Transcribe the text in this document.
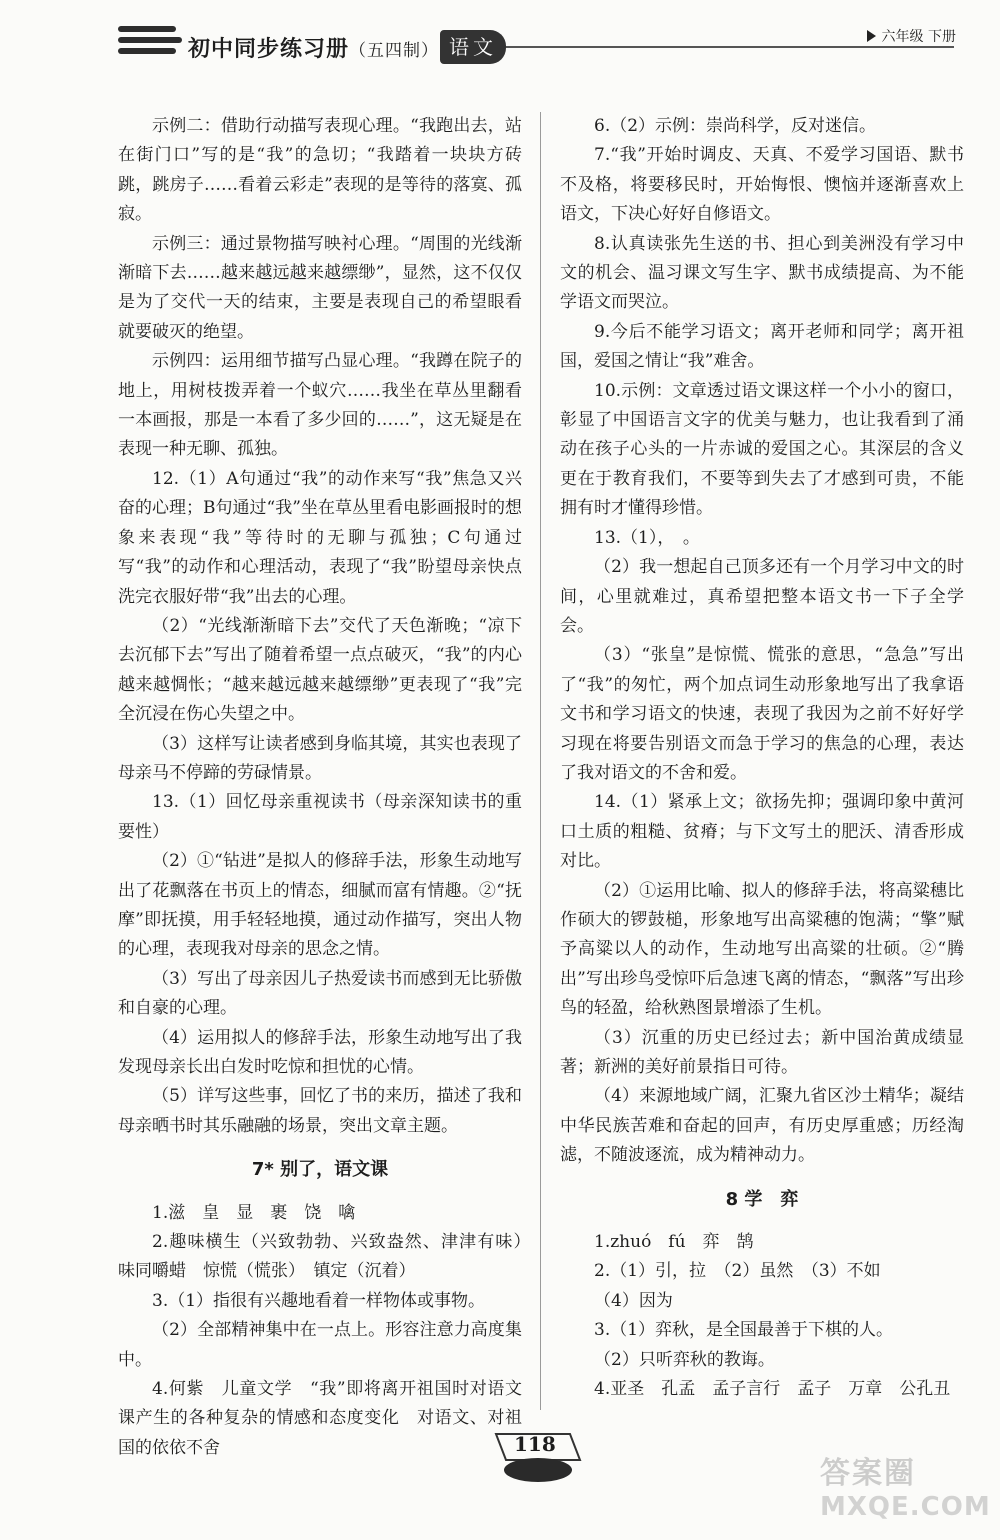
初中同步练习册（五四制） 语文	六年级 下册

示例二：借助行动描写表现心理。“我跑出去，站在街门口”写的是“我”的急切；“我踏着一块块方砖跳，跳房子……看着云彩走”表现的是等待的落寞、孤寂。

示例三：通过景物描写映衬心理。“周围的光线渐渐暗下去……越来越远越来越缥缈”，显然，这不仅仅是为了交代一天的结束，主要是表现自己的希望眼看就要破灭的绝望。

示例四：运用细节描写凸显心理。“我蹲在院子的地上，用树枝拨弄着一个蚁穴……我坐在草丛里翻看一本画报，那是一本看了多少回的……”，这无疑是在表现一种无聊、孤独。

12.（1）A句通过“我”的动作来写“我”焦急又兴奋的心理；B句通过“我”坐在草丛里看电影画报时的想象来表现“我”等待时的无聊与孤独；C句通过写“我”的动作和心理活动，表现了“我”盼望母亲快点洗完衣服好带“我”出去的心理。

（2）“光线渐渐暗下去”交代了天色渐晚；“凉下去沉郁下去”写出了随着希望一点点破灭，“我”的内心越来越惆怅；“越来越远越来越缥缈”更表现了“我”完全沉浸在伤心失望之中。

（3）这样写让读者感到身临其境，其实也表现了母亲马不停蹄的劳碌情景。

13.（1）回忆母亲重视读书（母亲深知读书的重要性）

（2）①“钻进”是拟人的修辞手法，形象生动地写出了花飘落在书页上的情态，细腻而富有情趣。②“抚摩”即抚摸，用手轻轻地摸，通过动作描写，突出人物的心理，表现我对母亲的思念之情。

（3）写出了母亲因儿子热爱读书而感到无比骄傲和自豪的心理。

（4）运用拟人的修辞手法，形象生动地写出了我发现母亲长出白发时吃惊和担忧的心情。

（5）详写这些事，回忆了书的来历，描述了我和母亲晒书时其乐融融的场景，突出文章主题。

7* 别了，语文课

1.滋　皇　显　裹　饶　噙

2.趣味横生（兴致勃勃、兴致盎然、津津有味）　味同嚼蜡　惊慌（慌张）　镇定（沉着）

3.（1）指很有兴趣地看着一样物体或事物。

（2）全部精神集中在一点上。形容注意力高度集中。

4.何紫　儿童文学　“我”即将离开祖国时对语文课产生的各种复杂的情感和态度变化　对语文、对祖国的依依不舍

6.（2）示例：崇尚科学，反对迷信。

7.“我”开始时调皮、天真、不爱学习国语、默书不及格，将要移民时，开始悔恨、懊恼并逐渐喜欢上语文，下决心好好自修语文。

8.认真读张先生送的书、担心到美洲没有学习中文的机会、温习课文写生字、默书成绩提高、为不能学语文而哭泣。

9.今后不能学习语文；离开老师和同学；离开祖国，爱国之情让“我”难舍。

10.示例：文章透过语文课这样一个小小的窗口，彰显了中国语言文字的优美与魅力，也让我看到了涌动在孩子心头的一片赤诚的爱国之心。其深层的含义更在于教育我们，不要等到失去了才感到可贵，不能拥有时才懂得珍惜。

13.（1），　。

（2）我一想起自己顶多还有一个月学习中文的时间，心里就难过，真希望把整本语文书一下子全学会。

（3）“张皇”是惊慌、慌张的意思，“急急”写出了“我”的匆忙，两个加点词生动形象地写出了我拿语文书和学习语文的快速，表现了我因为之前不好好学习现在将要告别语文而急于学习的焦急的心理，表达了我对语文的不舍和爱。

14.（1）紧承上文；欲扬先抑；强调印象中黄河口土质的粗糙、贫瘠；与下文写土的肥沃、清香形成对比。

（2）①运用比喻、拟人的修辞手法，将高粱穗比作硕大的锣鼓槌，形象地写出高粱穗的饱满；“擎”赋予高粱以人的动作，生动地写出高粱的壮硕。②“腾出”写出珍鸟受惊吓后急速飞离的情态，“飘落”写出珍鸟的轻盈，给秋熟图景增添了生机。

（3）沉重的历史已经过去；新中国治黄成绩显著；新洲的美好前景指日可待。

（4）来源地域广阔，汇聚九省区沙土精华；凝结中华民族苦难和奋起的回声，有历史厚重感；历经淘滤，不随波逐流，成为精神动力。

8 学　弈

1.zhuó　fú　弈　鹄

2.（1）引，拉　（2）虽然　（3）不如

（4）因为

3.（1）弈秋，是全国最善于下棋的人。

（2）只听弈秋的教诲。

4.亚圣　孔孟　孟子言行　孟子　万章　公孔丑

118
答案圈
MXQE.COM
